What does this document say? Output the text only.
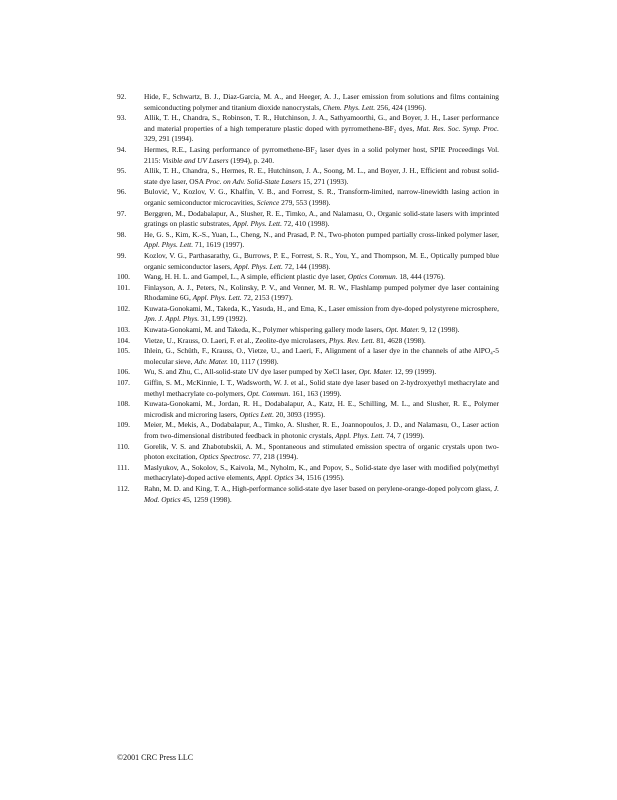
92.	Hide, F., Schwartz, B. J., Diaz-Garcia, M. A., and Heeger, A. J., Laser emission from solutions and films containing semiconducting polymer and titanium dioxide nanocrystals, Chem. Phys. Lett. 256, 424 (1996).
93.	Allik, T. H., Chandra, S., Robinson, T. R., Hutchinson, J. A., Sathyamoorthi, G., and Boyer, J. H., Laser performance and material properties of a high temperature plastic doped with pyrromethene-BF₂ dyes, Mat. Res. Soc. Symp. Proc. 329, 291 (1994).
94.	Hermes, R.E., Lasing performance of pyrromethene-BF₂ laser dyes in a solid polymer host, SPIE Proceedings Vol. 2115: Visible and UV Lasers (1994), p. 240.
95.	Allik, T. H., Chandra, S., Hermes, R. E., Hutchinson, J. A., Soong, M. L., and Boyer, J. H., Efficient and robust solid-state dye laser, OSA Proc. on Adv. Solid-State Lasers 15, 271 (1993).
96.	Bulović, V., Kozlov, V. G., Khalfin, V. B., and Forrest, S. R., Transform-limited, narrow-linewidth lasing action in organic semiconductor microcavities, Science 279, 553 (1998).
97.	Berggren, M., Dodabalapur, A., Slusher, R. E., Timko, A., and Nalamasu, O., Organic solid-state lasers with imprinted gratings on plastic substrates, Appl. Phys. Lett. 72, 410 (1998).
98.	He, G. S., Kim, K.-S., Yuan, L., Cheng, N., and Prasad, P. N., Two-photon pumped partially cross-linked polymer laser, Appl. Phys. Lett. 71, 1619 (1997).
99.	Kozlov, V. G., Parthasarathy, G., Burrows, P. E., Forrest, S. R., You, Y., and Thompson, M. E., Optically pumped blue organic semiconductor lasers, Appl. Phys. Lett. 72, 144 (1998).
100.	Wang, H. H. L. and Gampel, L., A simple, efficient plastic dye laser, Optics Commun. 18, 444 (1976).
101.	Finlayson, A. J., Peters, N., Kolinsky, P. V., and Venner, M. R. W., Flashlamp pumped polymer dye laser containing Rhodamine 6G, Appl. Phys. Lett. 72, 2153 (1997).
102.	Kuwata-Gonokami, M., Takeda, K., Yasuda, H., and Ema, K., Laser emission from dye-doped polystyrene microsphere, Jpn. J. Appl. Phys. 31, L99 (1992).
103.	Kuwata-Gonokami, M. and Takeda, K., Polymer whispering gallery mode lasers, Opt. Mater. 9, 12 (1998).
104.	Vietze, U., Krauss, O. Laeri, F. et al., Zeolite-dye microlasers, Phys. Rev. Lett. 81, 4628 (1998).
105.	Ihlein, G., Schüth, F., Krauss, O., Vietze, U., and Laeri, F., Alignment of a laser dye in the channels of athe AlPO₄-5 molecular sieve, Adv. Mater. 10, 1117 (1998).
106.	Wu, S. and Zhu, C., All-solid-state UV dye laser pumped by XeCl laser, Opt. Mater. 12, 99 (1999).
107.	Giffin, S. M., McKinnie, I. T., Wadsworth, W. J. et al., Solid state dye laser based on 2-hydroxyethyl methacrylate and methyl methacrylate co-polymers, Opt. Commun. 161, 163 (1999).
108.	Kuwata-Gonokami, M., Jordan, R. H., Dodabalapur, A., Katz, H. E., Schilling, M. L., and Slusher, R. E., Polymer microdisk and microring lasers, Optics Lett. 20, 3093 (1995).
109.	Meier, M., Mekis, A., Dodabalapur, A., Timko, A. Slusher, R. E., Joannopoulos, J. D., and Nalamasu, O., Laser action from two-dimensional distributed feedback in photonic crystals, Appl. Phys. Lett. 74, 7 (1999).
110.	Gorelik, V. S. and Zhabotubskii, A. M., Spontaneous and stimulated emission spectra of organic crystals upon two-photon excitation, Optics Spectrosc. 77, 218 (1994).
111.	Maslyukov, A., Sokolov, S., Kaivola, M., Nyholm, K., and Popov, S., Solid-state dye laser with modified poly(methyl methacrylate)-doped active elements, Appl. Optics 34, 1516 (1995).
112.	Rahn, M. D. and King, T. A., High-performance solid-state dye laser based on perylene-orange-doped polycom glass, J. Mod. Optics 45, 1259 (1998).
©2001 CRC Press LLC
